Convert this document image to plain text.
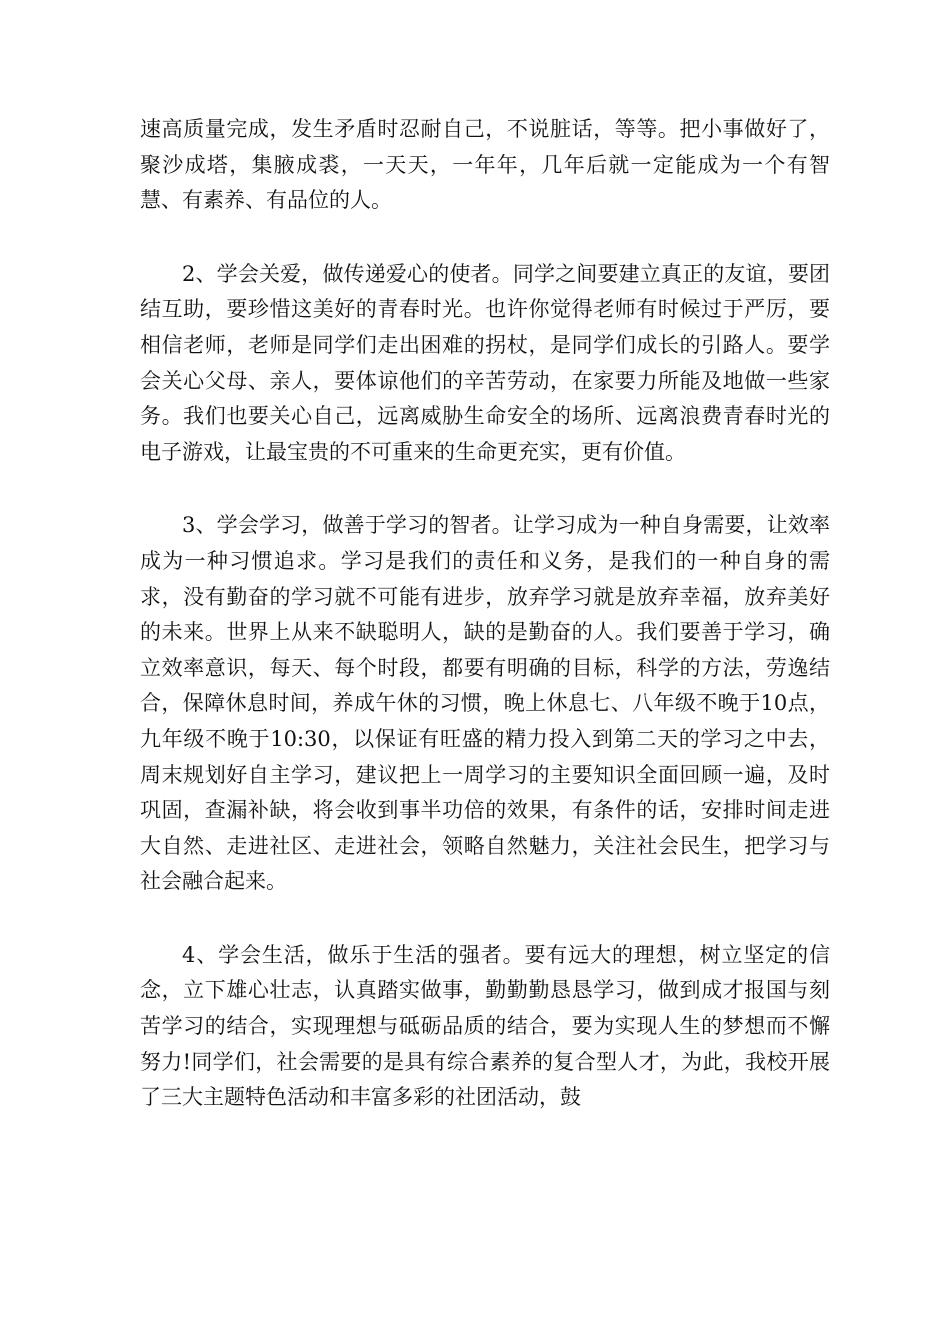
速高质量完成，发生矛盾时忍耐自己，不说脏话，等等。把小事做好了，聚沙成塔，集腋成裘，一天天，一年年，几年后就一定能成为一个有智慧、有素养、有品位的人。

2、学会关爱，做传递爱心的使者。同学之间要建立真正的友谊，要团结互助，要珍惜这美好的青春时光。也许你觉得老师有时候过于严厉，要相信老师，老师是同学们走出困难的拐杖，是同学们成长的引路人。要学会关心父母、亲人，要体谅他们的辛苦劳动，在家要力所能及地做一些家务。我们也要关心自己，远离威胁生命安全的场所、远离浪费青春时光的电子游戏，让最宝贵的不可重来的生命更充实，更有价值。

3、学会学习，做善于学习的智者。让学习成为一种自身需要，让效率成为一种习惯追求。学习是我们的责任和义务，是我们的一种自身的需求，没有勤奋的学习就不可能有进步，放弃学习就是放弃幸福，放弃美好的未来。世界上从来不缺聪明人，缺的是勤奋的人。我们要善于学习，确立效率意识，每天、每个时段，都要有明确的目标，科学的方法，劳逸结合，保障休息时间，养成午休的习惯，晚上休息七、八年级不晚于10点，九年级不晚于10:30，以保证有旺盛的精力投入到第二天的学习之中去，周末规划好自主学习，建议把上一周学习的主要知识全面回顾一遍，及时巩固，查漏补缺，将会收到事半功倍的效果，有条件的话，安排时间走进大自然、走进社区、走进社会，领略自然魅力，关注社会民生，把学习与社会融合起来。

4、学会生活，做乐于生活的强者。要有远大的理想，树立坚定的信念，立下雄心壮志，认真踏实做事，勤勤勤恳恳学习，做到成才报国与刻苦学习的结合，实现理想与砥砺品质的结合，要为实现人生的梦想而不懈努力!同学们，社会需要的是具有综合素养的复合型人才，为此，我校开展了三大主题特色活动和丰富多彩的社团活动，鼓
